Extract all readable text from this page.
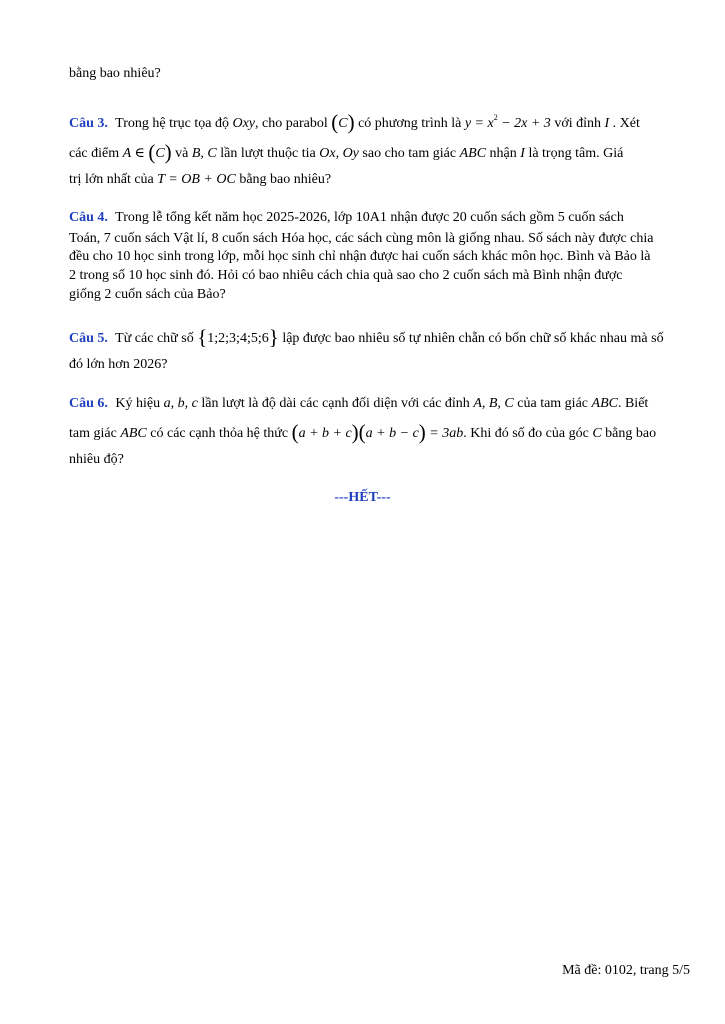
bằng bao nhiêu?
Câu 3. Trong hệ trục tọa độ Oxy, cho parabol (C) có phương trình là $y = x^2 - 2x + 3$ với đỉnh I . Xét
các điểm A ∈ (C) và B, C lần lượt thuộc tia Ox, Oy sao cho tam giác ABC nhận I là trọng tâm. Giá
trị lớn nhất của T = OB + OC bằng bao nhiêu?
Câu 4. Trong lễ tổng kết năm học 2025-2026, lớp 10A1 nhận được 20 cuốn sách gồm 5 cuốn sách
Toán, 7 cuốn sách Vật lí, 8 cuốn sách Hóa học, các sách cùng môn là giống nhau. Số sách này được chia
đều cho 10 học sinh trong lớp, mỗi học sinh chỉ nhận được hai cuốn sách khác môn học. Bình và Bảo là
2 trong số 10 học sinh đó. Hỏi có bao nhiêu cách chia quà sao cho 2 cuốn sách mà Bình nhận được
giống 2 cuốn sách của Bảo?
Câu 5. Từ các chữ số {1;2;3;4;5;6} lập được bao nhiêu số tự nhiên chẵn có bốn chữ số khác nhau mà số
đó lớn hơn 2026?
Câu 6. Ký hiệu a, b, c lần lượt là độ dài các cạnh đối diện với các đỉnh A, B, C của tam giác ABC. Biết
tam giác ABC có các cạnh thỏa hệ thức (a + b + c)(a + b − c) = 3ab. Khi đó số đo của góc C bằng bao
nhiêu độ?
---HẾT---
Mã đề: 0102, trang 5/5
